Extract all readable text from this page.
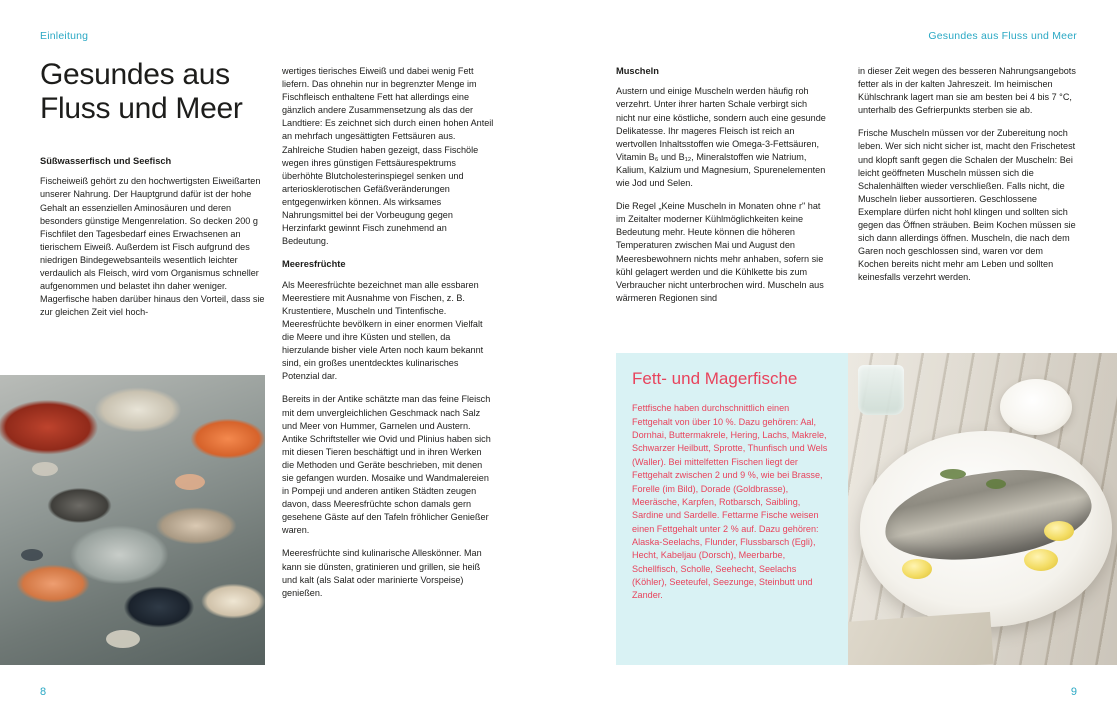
Einleitung	Gesundes aus Fluss und Meer
Gesundes aus Fluss und Meer
Süßwasserfisch und Seefisch

Fischeiweiß gehört zu den hochwertigsten Eiweißarten unserer Nahrung. Der Hauptgrund dafür ist der hohe Gehalt an essenziellen Aminosäuren und deren besonders günstige Mengenrelation. So decken 200 g Fischfilet den Tagesbedarf eines Erwachsenen an tierischem Eiweiß. Außerdem ist Fisch aufgrund des niedrigen Bindegewebsanteils wesentlich leichter verdaulich als Fleisch, wird vom Organismus schneller aufgenommen und belastet ihn daher weniger. Magerfische haben darüber hinaus den Vorteil, dass sie zur gleichen Zeit viel hoch-

wertiges tierisches Eiweiß und dabei wenig Fett liefern. Das ohnehin nur in begrenzter Menge im Fischfleisch enthaltene Fett hat allerdings eine gänzlich andere Zusammensetzung als das der Landtiere: Es zeichnet sich durch einen hohen Anteil an mehrfach ungesättigten Fettsäuren aus. Zahlreiche Studien haben gezeigt, dass Fischöle wegen ihres günstigen Fettsäurespektrums überhöhte Blutcholesterinspiegel senken und arteriosklerotischen Gefäßveränderungen entgegenwirken können. Als wirksames Nahrungsmittel bei der Vorbeugung gegen Herzinfarkt gewinnt Fisch zunehmend an Bedeutung.

Meeresfrüchte

Als Meeresfrüchte bezeichnet man alle essbaren Meerestiere mit Ausnahme von Fischen, z. B. Krustentiere, Muscheln und Tintenfische. Meeresfrüchte bevölkern in einer enormen Vielfalt die Meere und ihre Küsten und stellen, da hierzulande bisher viele Arten noch kaum bekannt sind, ein großes unentdecktes kulinarisches Potenzial dar.

Bereits in der Antike schätzte man das feine Fleisch mit dem unvergleichlichen Geschmack nach Salz und Meer von Hummer, Garnelen und Austern. Antike Schriftsteller wie Ovid und Plinius haben sich mit diesen Tieren beschäftigt und in ihren Werken die Methoden und Geräte beschrieben, mit denen sie gefangen wurden. Mosaike und Wandmalereien in Pompeji und anderen antiken Städten zeugen davon, dass Meeresfrüchte schon damals gern gesehene Gäste auf den Tafeln fröhlicher Genießer waren.

Meeresfrüchte sind kulinarische Alleskönner. Man kann sie dünsten, gratinieren und grillen, sie heiß und kalt (als Salat oder marinierte Vorspeise) genießen.

Muscheln

Austern und einige Muscheln werden häufig roh verzehrt. Unter ihrer harten Schale verbirgt sich nicht nur eine köstliche, sondern auch eine gesunde Delikatesse. Ihr mageres Fleisch ist reich an wertvollen Inhaltsstoffen wie Omega-3-Fettsäuren, Vitamin B₆ und B₁₂, Mineralstoffen wie Natrium, Kalium, Kalzium und Magnesium, Spurenelementen wie Jod und Selen.

Die Regel „Keine Muscheln in Monaten ohne r" hat im Zeitalter moderner Kühlmöglichkeiten keine Bedeutung mehr. Heute können die höheren Temperaturen zwischen Mai und August den Meeresbewohnern nichts mehr anhaben, sofern sie kühl gelagert werden und die Kühlkette bis zum Verbraucher nicht unterbrochen wird. Muscheln aus wärmeren Regionen sind

in dieser Zeit wegen des besseren Nahrungsangebots fetter als in der kalten Jahreszeit. Im heimischen Kühlschrank lagert man sie am besten bei 4 bis 7 °C, unterhalb des Gefrierpunkts sterben sie ab.

Frische Muscheln müssen vor der Zubereitung noch leben. Wer sich nicht sicher ist, macht den Frischetest und klopft sanft gegen die Schalen der Muscheln: Bei leicht geöffneten Muscheln müssen sich die Schalenhälften wieder verschließen. Falls nicht, die Muscheln lieber aussortieren. Geschlossene Exemplare dürfen nicht hohl klingen und sollten sich gegen das Öffnen sträuben. Beim Kochen müssen sie sich dann allerdings öffnen. Muscheln, die nach dem Garen noch geschlossen sind, waren vor dem Kochen bereits nicht mehr am Leben und sollten keinesfalls verzehrt werden.

Fett- und Magerfische

Fettfische haben durchschnittlich einen Fettgehalt von über 10 %. Dazu gehören: Aal, Dornhai, Buttermakrele, Hering, Lachs, Makrele, Schwarzer Heilbutt, Sprotte, Thunfisch und Wels (Waller). Bei mittelfetten Fischen liegt der Fettgehalt zwischen 2 und 9 %, wie bei Brasse, Forelle (im Bild), Dorade (Goldbrasse), Meeräsche, Karpfen, Rotbarsch, Saibling, Sardine und Sardelle. Fettarme Fische weisen einen Fettgehalt unter 2 % auf. Dazu gehören: Alaska-Seelachs, Flunder, Flussbarsch (Egli), Hecht, Kabeljau (Dorsch), Meerbarbe, Schellfisch, Scholle, Seehecht, Seelachs (Köhler), Seeteufel, Seezunge, Steinbutt und Zander.

8	9
